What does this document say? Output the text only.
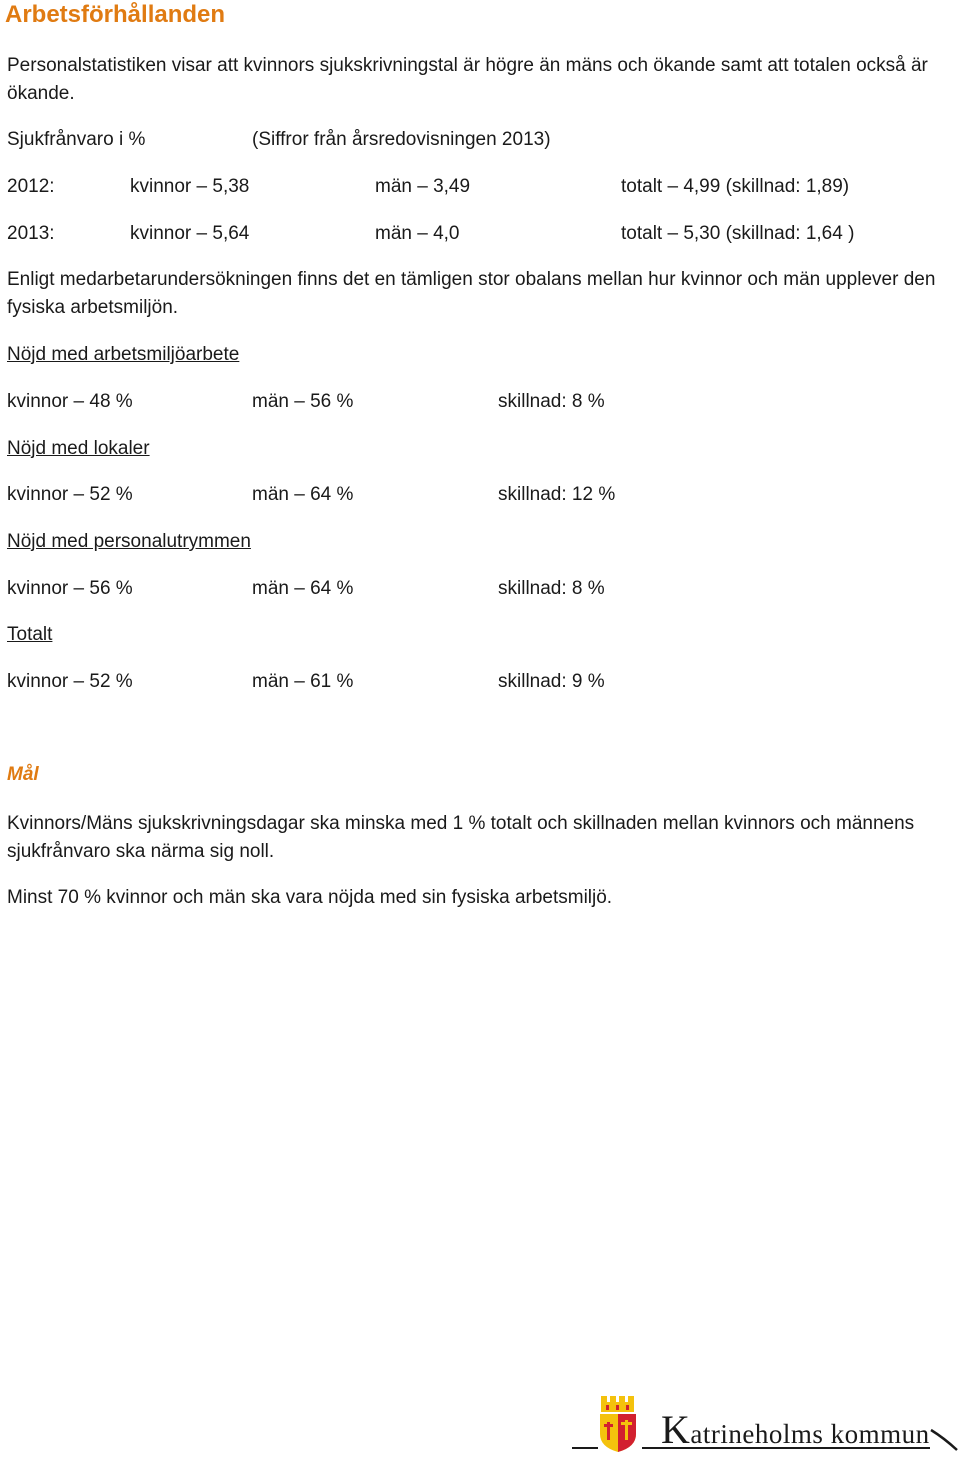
Arbetsförhållanden

Personalstatistiken visar att kvinnors sjukskrivningstal är högre än mäns och ökande samt att totalen också är ökande.

Sjukfrånvaro i %	(Siffror från årsredovisningen 2013)
2012:	kvinnor – 5,38	män – 3,49	totalt – 4,99 (skillnad: 1,89)
2013:	kvinnor – 5,64	män – 4,0	totalt – 5,30 (skillnad: 1,64 )

Enligt medarbetarundersökningen finns det en tämligen stor obalans mellan hur kvinnor och män upplever den fysiska arbetsmiljön.

Nöjd med arbetsmiljöarbete
kvinnor – 48 %	män – 56 %	skillnad: 8 %
Nöjd med lokaler
kvinnor – 52 %	män – 64 %	skillnad: 12 %
Nöjd med personalutrymmen
kvinnor – 56 %	män – 64 %	skillnad: 8 %
Totalt
kvinnor – 52 %	män – 61 %	skillnad: 9 %
Mål

Kvinnors/Mäns sjukskrivningsdagar ska minska med 1 % totalt och skillnaden mellan kvinnors och männens sjukfrånvaro ska närma sig noll.

Minst 70 % kvinnor och män ska vara nöjda med sin fysiska arbetsmiljö.

Katrineholms kommun
